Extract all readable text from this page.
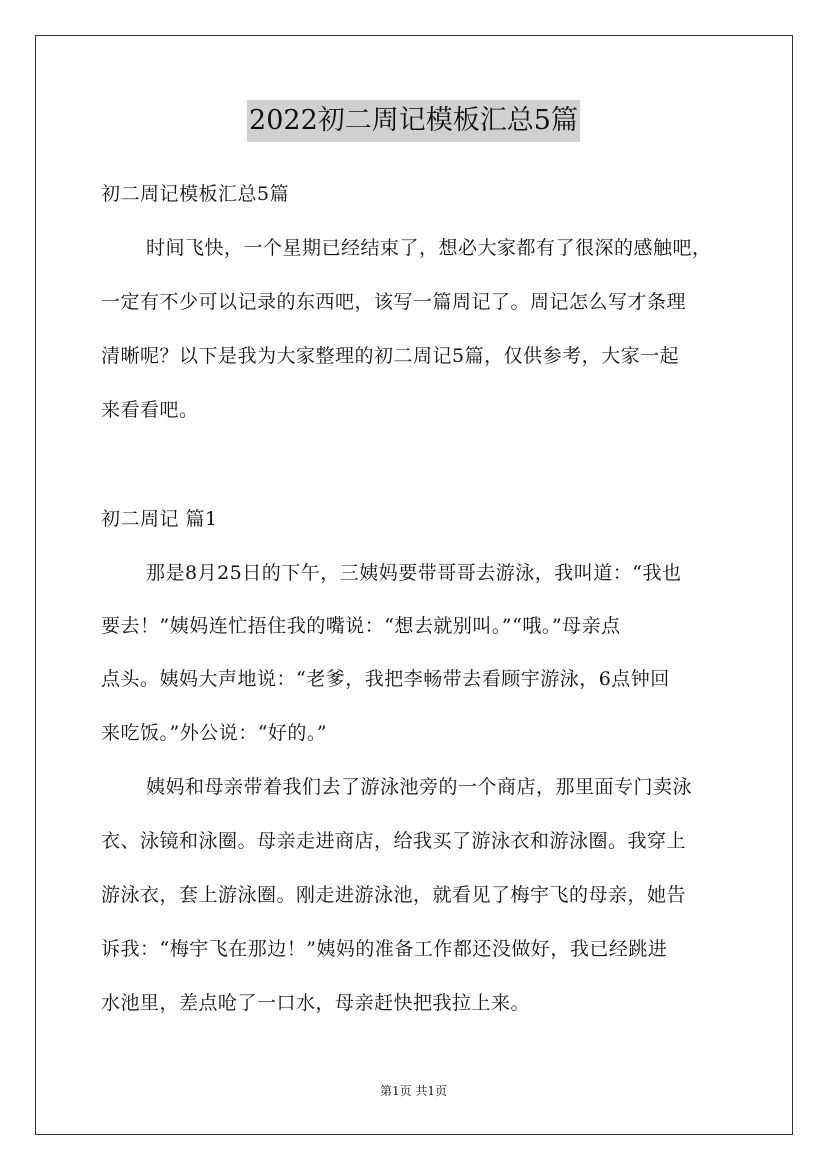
2022初二周记模板汇总5篇
初二周记模板汇总5篇
时间飞快，一个星期已经结束了，想必大家都有了很深的感触吧，
一定有不少可以记录的东西吧，该写一篇周记了。周记怎么写才条理
清晰呢？以下是我为大家整理的初二周记5篇，仅供参考，大家一起
来看看吧。
初二周记 篇1
那是8月25日的下午，三姨妈要带哥哥去游泳，我叫道：“我也
要去！”姨妈连忙捂住我的嘴说：“想去就别叫。”“哦。”母亲点
点头。姨妈大声地说：“老爹，我把李畅带去看顾宇游泳，6点钟回
来吃饭。”外公说：“好的。”
姨妈和母亲带着我们去了游泳池旁的一个商店，那里面专门卖泳
衣、泳镜和泳圈。母亲走进商店，给我买了游泳衣和游泳圈。我穿上
游泳衣，套上游泳圈。刚走进游泳池，就看见了梅宇飞的母亲，她告
诉我：“梅宇飞在那边！”姨妈的准备工作都还没做好，我已经跳进
水池里，差点呛了一口水，母亲赶快把我拉上来。
第1页 共1页
